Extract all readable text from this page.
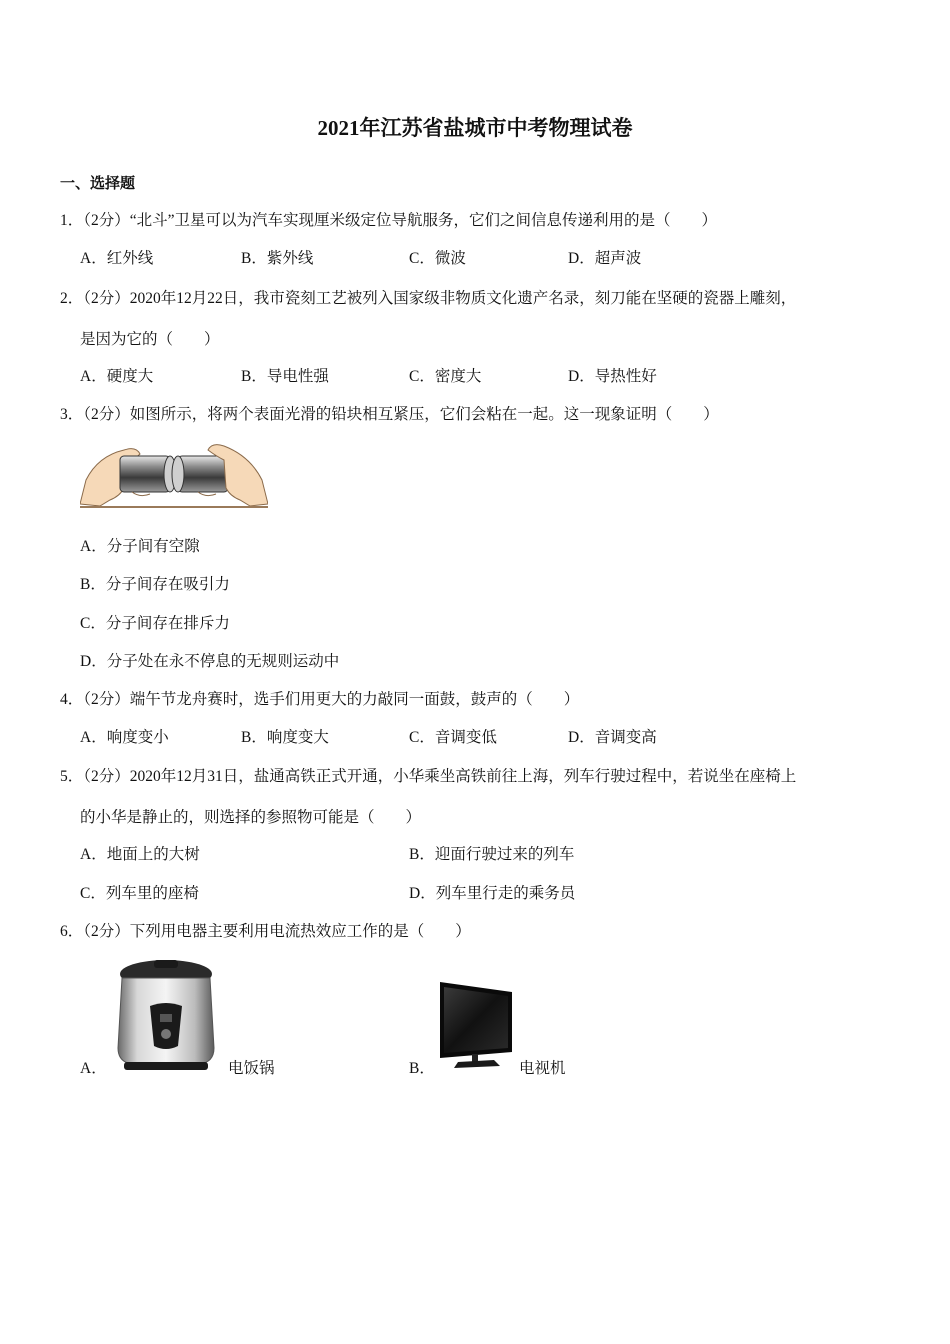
2021年江苏省盐城市中考物理试卷
一、选择题
1．（2分）“北斗”卫星可以为汽车实现厘米级定位导航服务，它们之间信息传递利用的是（　　）
A．红外线	B．紫外线	C．微波	D．超声波
2．（2分）2020年12月22日，我市瓷刻工艺被列入国家级非物质文化遗产名录，刻刀能在坚硬的瓷器上雕刻，
是因为它的（　　）
A．硬度大	B．导电性强	C．密度大	D．导热性好
3．（2分）如图所示，将两个表面光滑的铅块相互紧压，它们会粘在一起。这一现象证明（　　）
A．分子间有空隙
B．分子间存在吸引力
C．分子间存在排斥力
D．分子处在永不停息的无规则运动中
4．（2分）端午节龙舟赛时，选手们用更大的力敲同一面鼓，鼓声的（　　）
A．响度变小	B．响度变大	C．音调变低	D．音调变高
5．（2分）2020年12月31日，盐通高铁正式开通，小华乘坐高铁前往上海，列车行驶过程中，若说坐在座椅上
的小华是静止的，则选择的参照物可能是（　　）
A．地面上的大树	B．迎面行驶过来的列车
C．列车里的座椅	D．列车里行走的乘务员
6．（2分）下列用电器主要利用电流热效应工作的是（　　）
A．	电饭锅	B．	电视机
